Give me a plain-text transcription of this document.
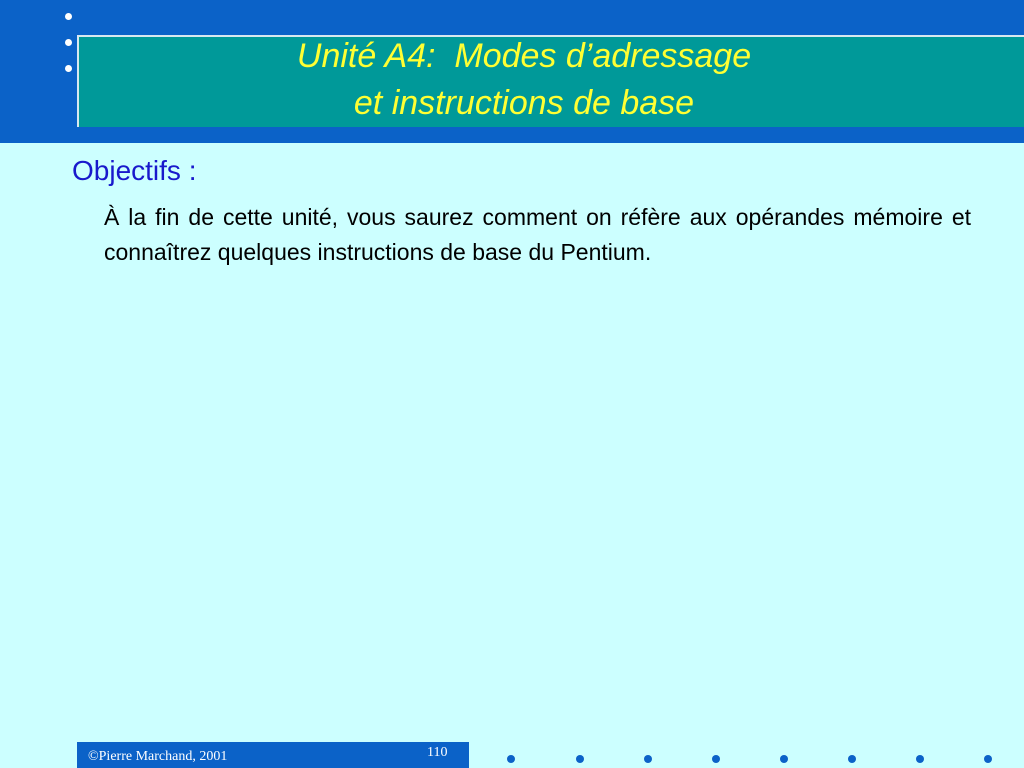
Unité A4:  Modes d’adressage
et instructions de base
Objectifs :
À la fin de cette unité, vous saurez comment on réfère aux opérandes mémoire et connaîtrez quelques instructions de base du Pentium.
©Pierre Marchand, 2001	110
